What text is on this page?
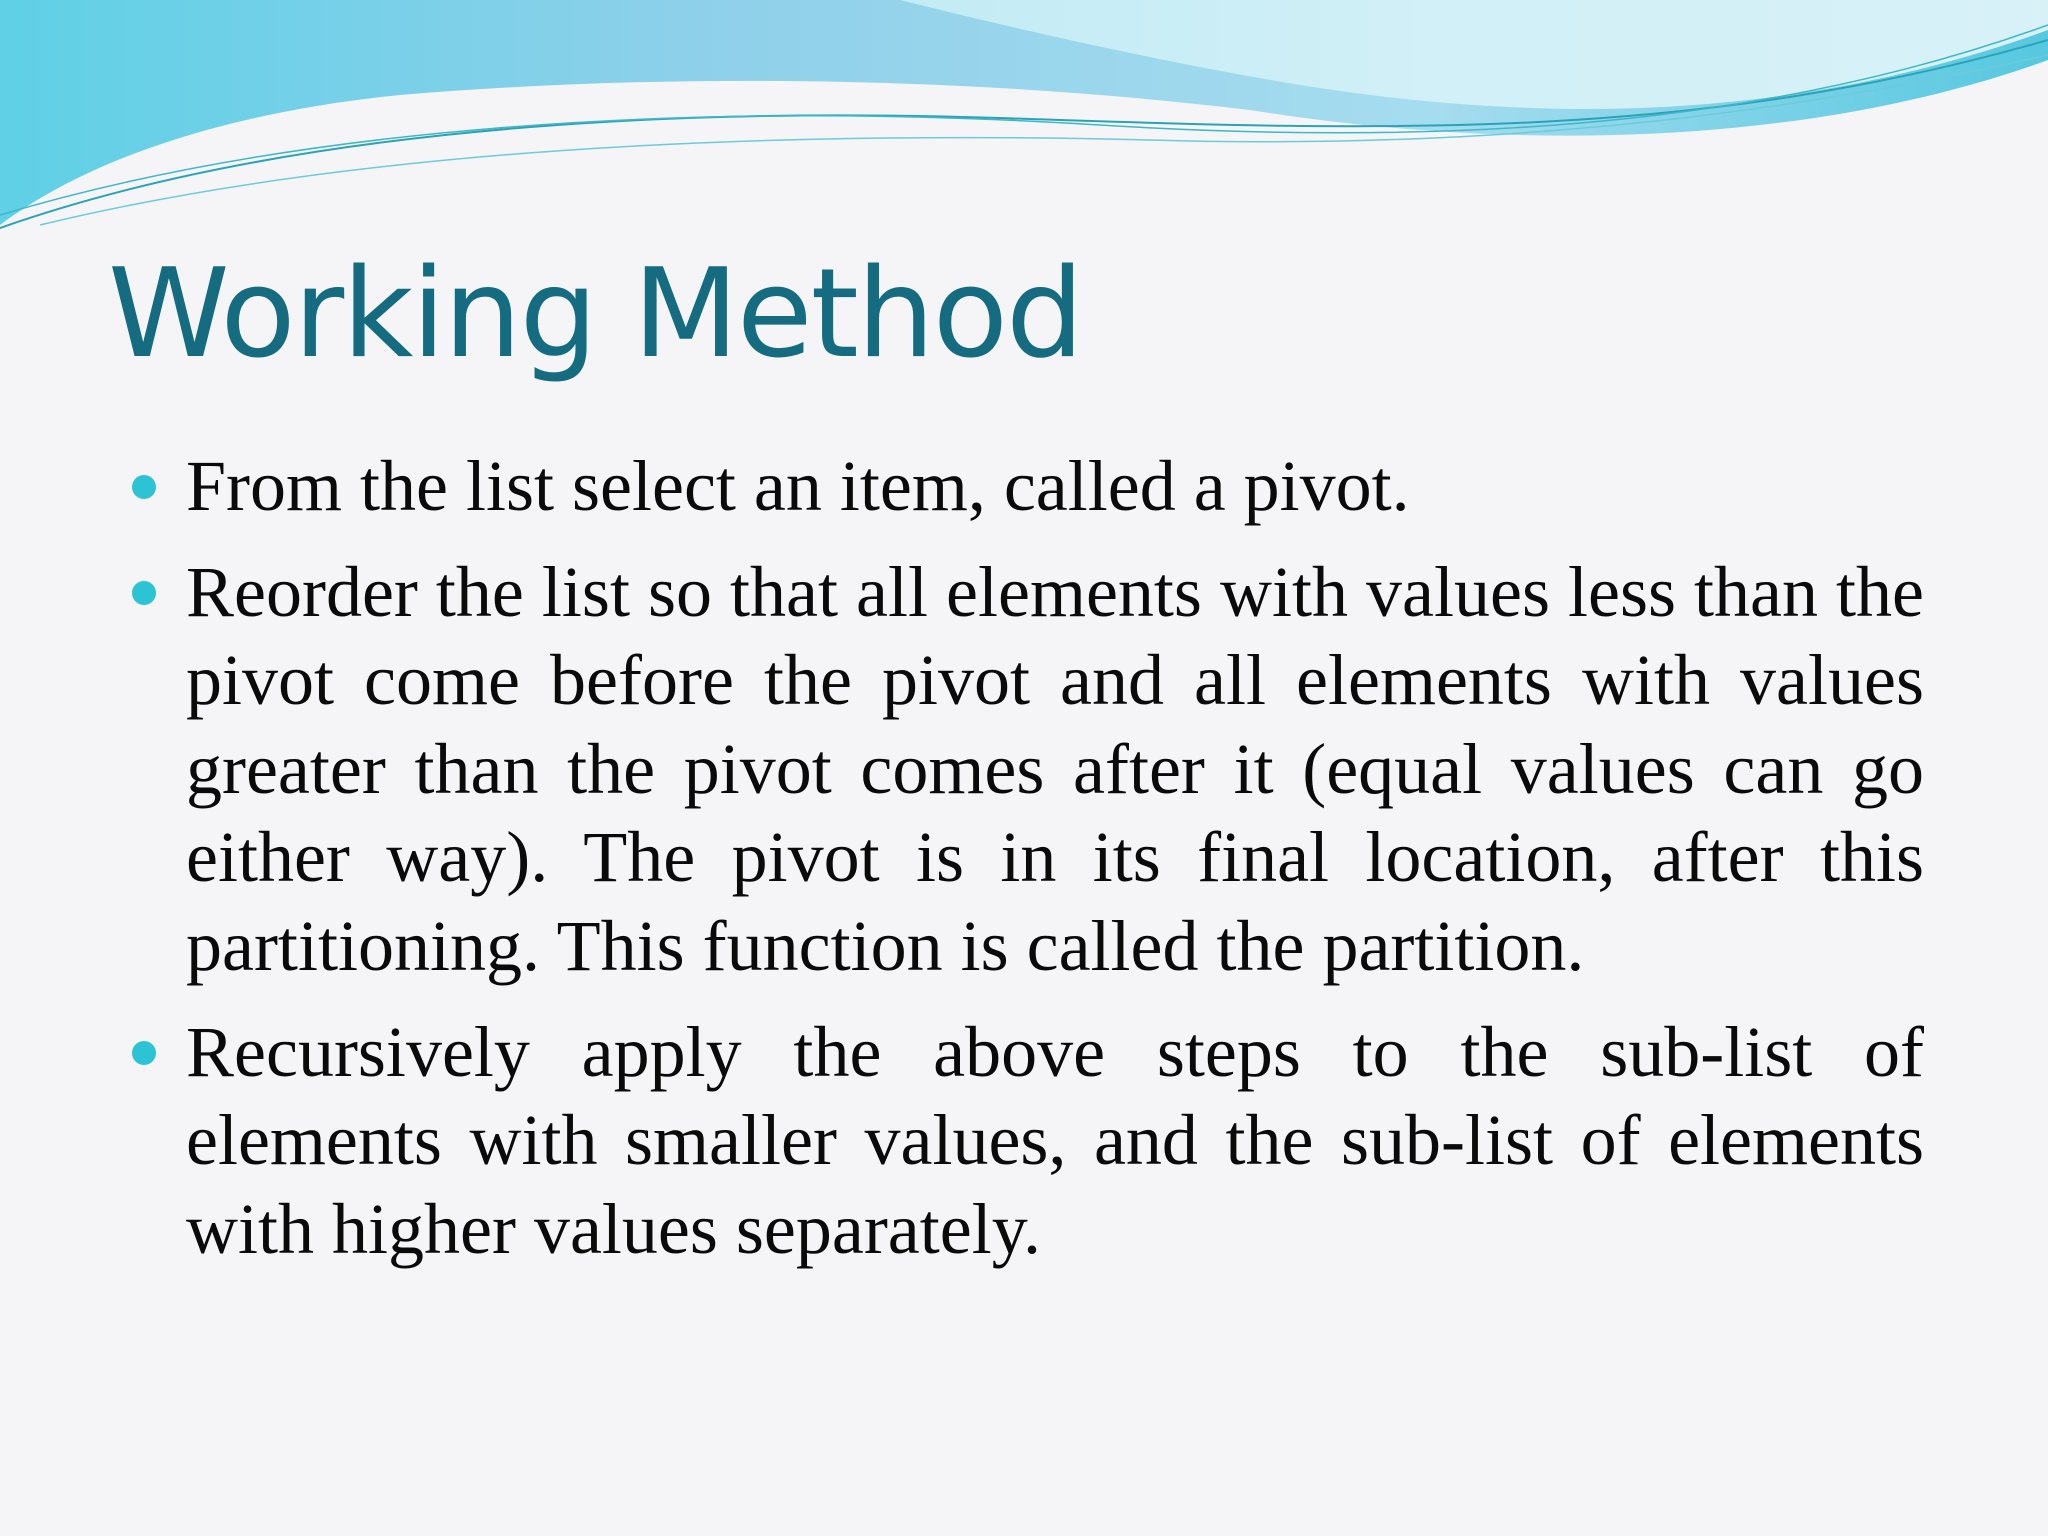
Working Method
From the list select an item, called a pivot.
Reorder the list so that all elements with values less than the pivot come before the pivot and all elements with values greater than the pivot comes after it (equal values can go either way). The pivot is in its final location, after this partitioning. This function is called the partition.
Recursively apply the above steps to the sub-list of elements with smaller values, and the sub-list of elements with higher values separately.
